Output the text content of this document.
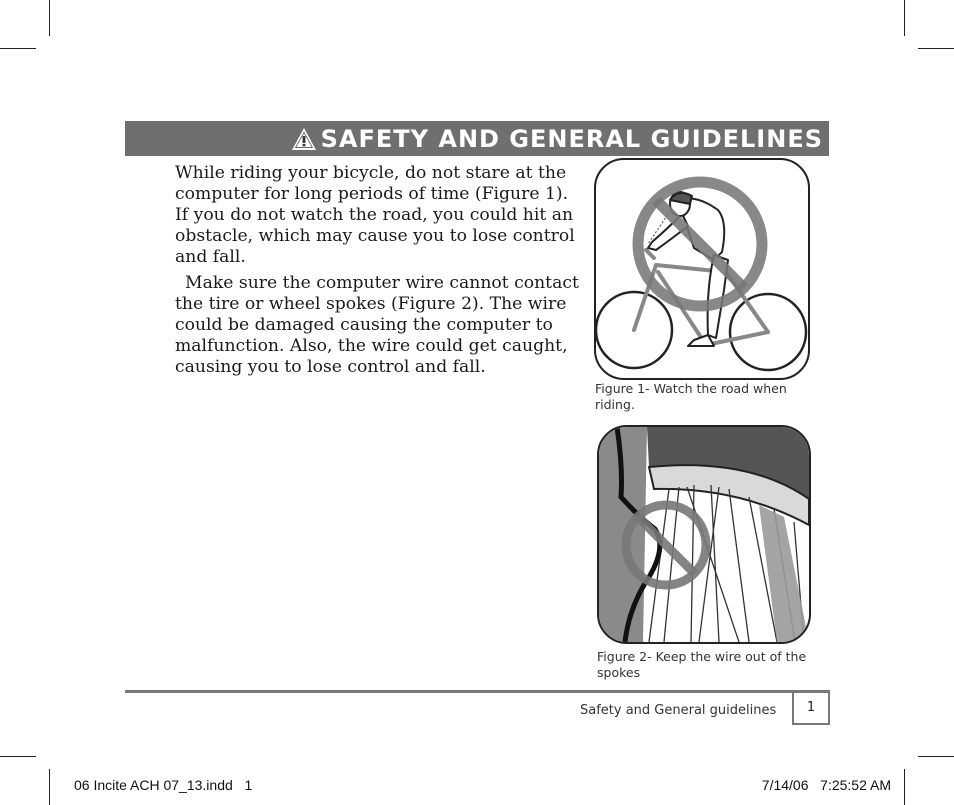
SAFETY AND GENERAL GUIDELINES

While riding your bicycle, do not stare at the computer for long periods of time (Figure 1). If you do not watch the road, you could hit an obstacle, which may cause you to lose control and fall.

Make sure the computer wire cannot contact the tire or wheel spokes (Figure 2). The wire could be damaged causing the computer to malfunction. Also, the wire could get caught, causing you to lose control and fall.

Figure 1- Watch the road when riding.
Figure 2- Keep the wire out of the spokes
Safety and General guidelines	1
06 Incite ACH 07_13.indd   1	7/14/06   7:25:52 AM
